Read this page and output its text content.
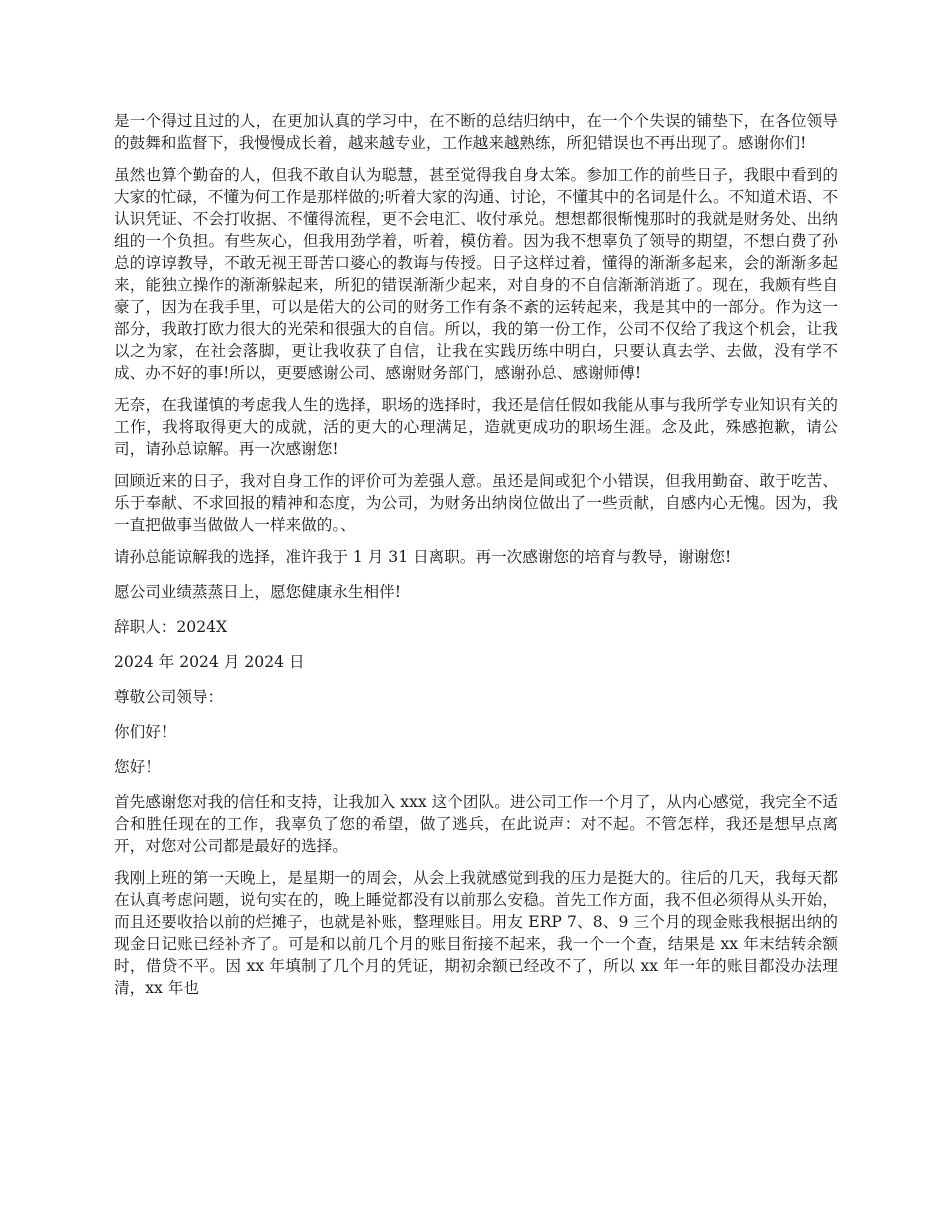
是一个得过且过的人，在更加认真的学习中，在不断的总结归纳中，在一个个失误的铺垫下，在各位领导的鼓舞和监督下，我慢慢成长着，越来越专业，工作越来越熟练，所犯错误也不再出现了。感谢你们!

虽然也算个勤奋的人，但我不敢自认为聪慧，甚至觉得我自身太笨。参加工作的前些日子，我眼中看到的大家的忙碌，不懂为何工作是那样做的;听着大家的沟通、讨论，不懂其中的名词是什么。不知道术语、不认识凭证、不会打收据、不懂得流程，更不会电汇、收付承兑。想想都很惭愧那时的我就是财务处、出纳组的一个负担。有些灰心，但我用劲学着，听着，模仿着。因为我不想辜负了领导的期望，不想白费了孙总的谆谆教导，不敢无视王哥苦口婆心的教诲与传授。日子这样过着，懂得的渐渐多起来，会的渐渐多起来，能独立操作的渐渐躲起来，所犯的错误渐渐少起来，对自身的不自信渐渐消逝了。现在，我颇有些自豪了，因为在我手里，可以是偌大的公司的财务工作有条不紊的运转起来，我是其中的一部分。作为这一部分，我敢打欧力很大的光荣和很强大的自信。所以，我的第一份工作，公司不仅给了我这个机会，让我以之为家，在社会落脚，更让我收获了自信，让我在实践历练中明白，只要认真去学、去做，没有学不成、办不好的事!所以，更要感谢公司、感谢财务部门，感谢孙总、感谢师傅!

无奈，在我谨慎的考虑我人生的选择，职场的选择时，我还是信任假如我能从事与我所学专业知识有关的工作，我将取得更大的成就，活的更大的心理满足，造就更成功的职场生涯。念及此，殊感抱歉，请公司，请孙总谅解。再一次感谢您!

回顾近来的日子，我对自身工作的评价可为差强人意。虽还是间或犯个小错误，但我用勤奋、敢于吃苦、乐于奉献、不求回报的精神和态度，为公司，为财务出纳岗位做出了一些贡献，自感内心无愧。因为，我一直把做事当做做人一样来做的。、

请孙总能谅解我的选择，准许我于 1 月 31 日离职。再一次感谢您的培育与教导，谢谢您!

愿公司业绩蒸蒸日上，愿您健康永生相伴!

辞职人：2024X

2024 年 2024 月 2024 日

尊敬公司领导：

你们好！

您好！

首先感谢您对我的信任和支持，让我加入 xxx 这个团队。进公司工作一个月了，从内心感觉，我完全不适合和胜任现在的工作，我辜负了您的希望，做了逃兵，在此说声：对不起。不管怎样，我还是想早点离开，对您对公司都是最好的选择。

我刚上班的第一天晚上，是星期一的周会，从会上我就感觉到我的压力是挺大的。往后的几天，我每天都在认真考虑问题，说句实在的，晚上睡觉都没有以前那么安稳。首先工作方面，我不但必须得从头开始，而且还要收拾以前的烂摊子，也就是补账，整理账目。用友 ERP 7、8、9 三个月的现金账我根据出纳的现金日记账已经补齐了。可是和以前几个月的账目衔接不起来，我一个一个查，结果是 xx 年末结转余额时，借贷不平。因 xx 年填制了几个月的凭证，期初余额已经改不了，所以 xx 年一年的账目都没办法理清，xx 年也
